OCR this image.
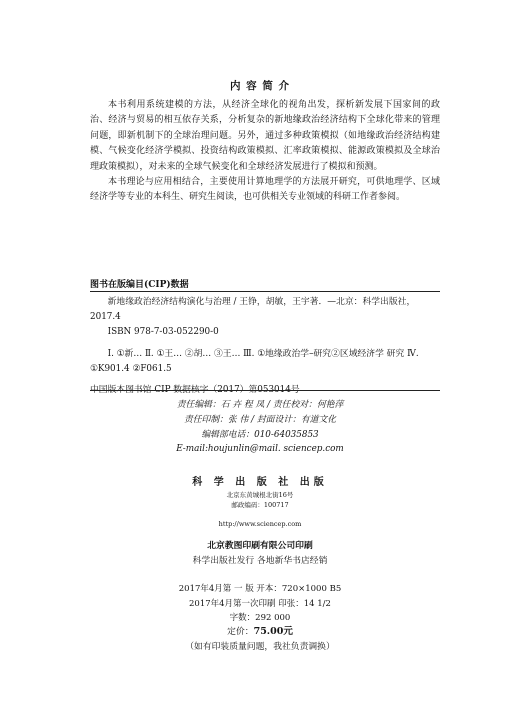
内 容 简 介

本书利用系统建模的方法，从经济全球化的视角出发，探析新发展下国家间的政治、经济与贸易的相互依存关系，分析复杂的新地缘政治经济结构下全球化带来的管理问题，即新机制下的全球治理问题。另外，通过多种政策模拟（如地缘政治经济结构建模、气候变化经济学模拟、投资结构政策模拟、汇率政策模拟、能源政策模拟及全球治理政策模拟），对未来的全球气候变化和全球经济发展进行了模拟和预测。

本书理论与应用相结合，主要使用计算地理学的方法展开研究，可供地理学、区域经济学等专业的本科生、研究生阅读，也可供相关专业领域的科研工作者参阅。

图书在版编目(CIP)数据

新地缘政治经济结构演化与治理 / 王铮，胡敏，王宇著．—北京：科学出版社，2017.4

ISBN 978-7-03-052290-0

Ⅰ. ①新… Ⅱ. ①王… ②胡… ③王… Ⅲ. ①地缘政治学–研究②区域经济学 研究 Ⅳ. ①K901.4 ②F061.5

中国版本图书馆 CIP 数据核字（2017）第053014号

责任编辑：石 卉 程 凤 / 责任校对：何艳萍
责任印制：张 伟 / 封面设计：有道文化
编辑部电话：010-64035853
E-mail:houjunlin@mail. sciencep.com
科 学 出 版 社 出版
北京东黄城根北街16号
邮政编码：100717
http://www.sciencep.com
北京教图印刷有限公司印刷
科学出版社发行 各地新华书店经销
2017年4月第 一 版 开本：720×1000 B5
2017年4月第一次印刷 印张：14 1/2
字数：292 000
定价：75.00元
（如有印装质量问题，我社负责调换）
